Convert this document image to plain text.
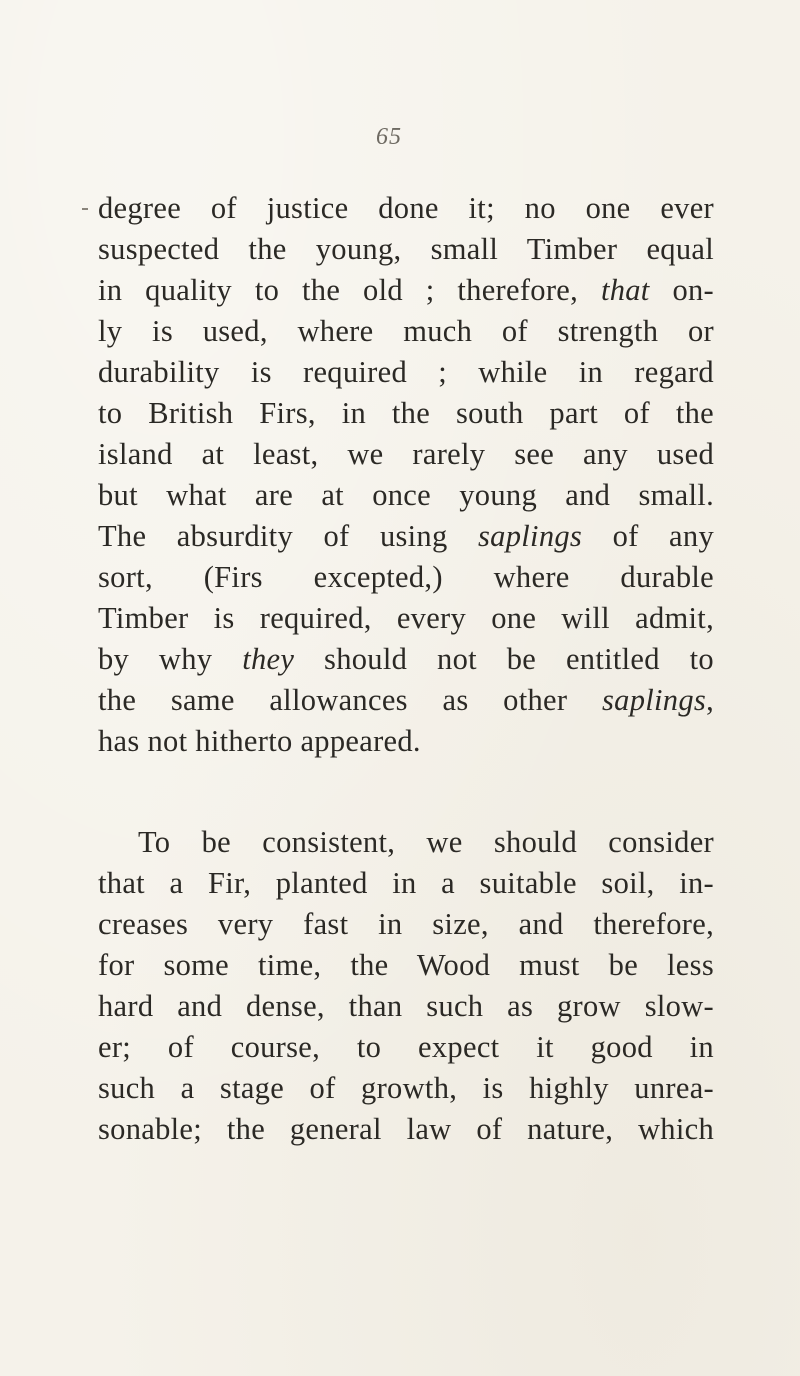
65
degree of justice done it; no one ever
suspected the young, small Timber equal
in quality to the old ; therefore, that on-
ly is used, where much of strength or
durability is required ; while in regard
to British Firs, in the south part of the
island at least, we rarely see any used
but what are at once young and small.
The absurdity of using saplings of any
sort, (Firs excepted,) where durable
Timber is required, every one will admit,
by why they should not be entitled to
the same allowances as other saplings,
has not hitherto appeared.
To be consistent, we should consider
that a Fir, planted in a suitable soil, in-
creases very fast in size, and therefore,
for some time, the Wood must be less
hard and dense, than such as grow slow-
er; of course, to expect it good in
such a stage of growth, is highly unrea-
sonable; the general law of nature, which
